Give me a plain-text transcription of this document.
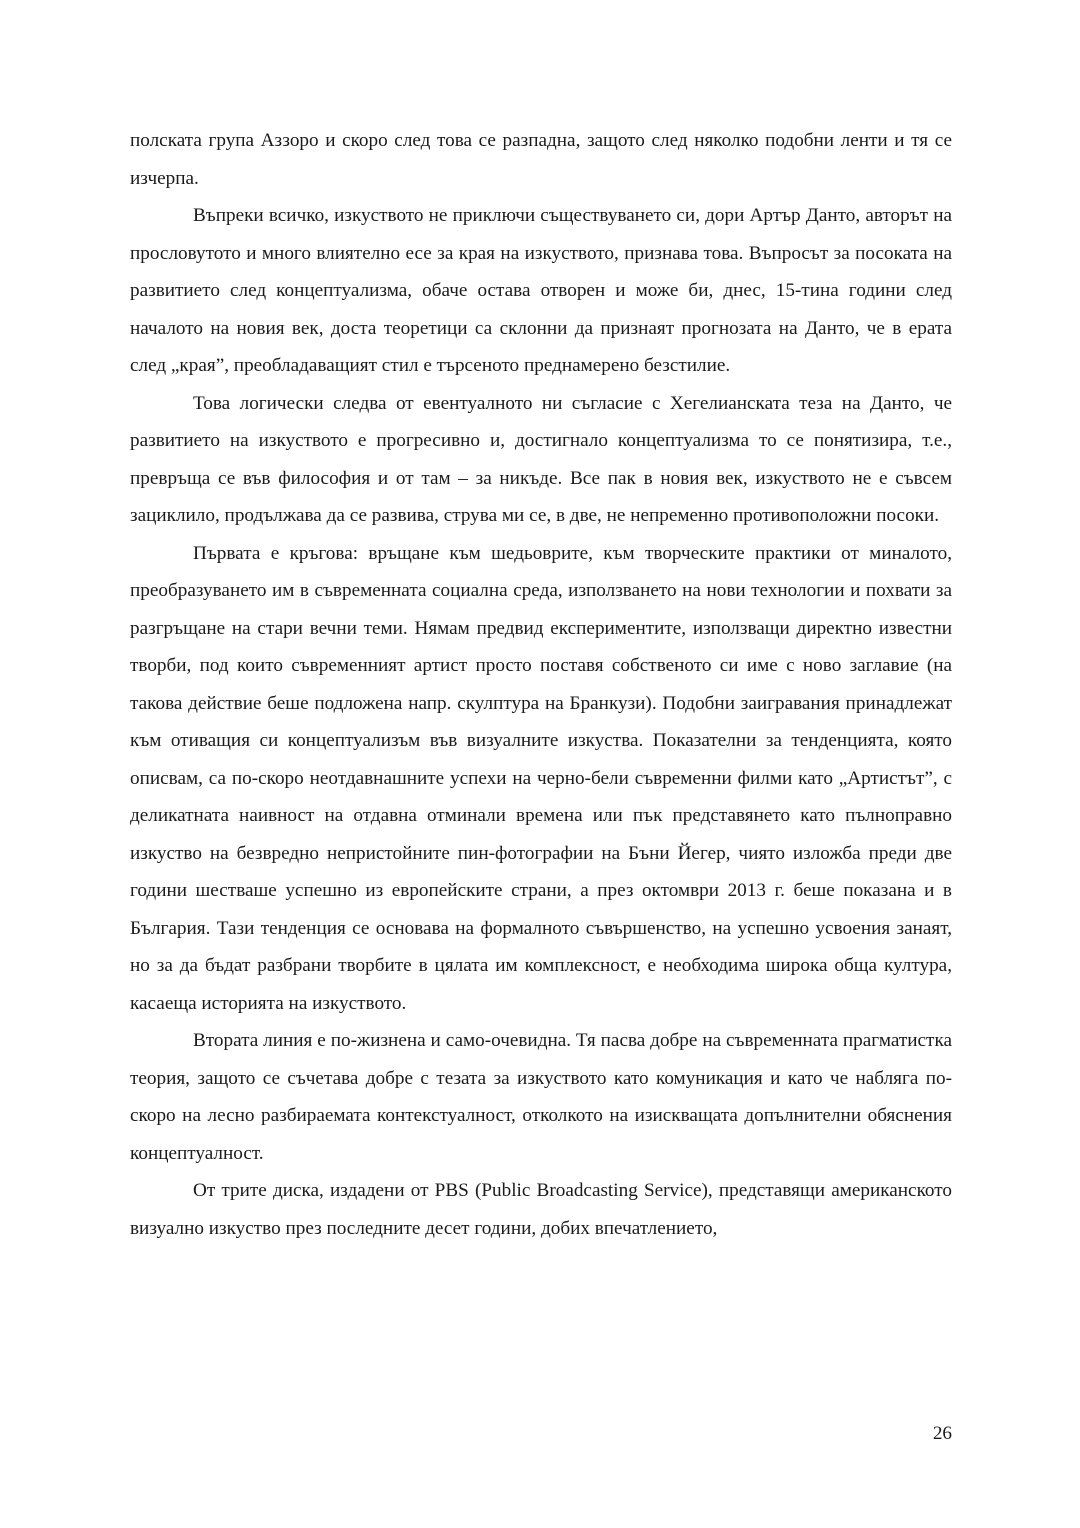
полската група Аззоро и скоро след това се разпадна, защото след няколко подобни ленти и тя се изчерпа.

Въпреки всичко, изкуството не приключи съществуването си, дори Артър Данто, авторът на прословутото и много влиятелно есе за края на изкуството, признава това. Въпросът за посоката на развитието след концептуализма, обаче остава отворен и може би, днес, 15-тина години след началото на новия век, доста теоретици са склонни да признаят прогнозата на Данто, че в ерата след „края”, преобладаващият стил е търсеното преднамерено безстилие.

Това логически следва от евентуалното ни съгласие с Хегелианската теза на Данто, че развитието на изкуството е прогресивно и, достигнало концептуализма то се понятизира, т.е., превръща се във философия и от там – за никъде. Все пак в новия век, изкуството не е съвсем зациклило, продължава да се развива, струва ми се, в две, не непременно противоположни посоки.

Първата е кръгова: връщане към шедьоврите, към творческите практики от миналото, преобразуването им в съвременната социална среда, използването на нови технологии и похвати за разгръщане на стари вечни теми. Нямам предвид експериментите, използващи директно известни творби, под които съвременният артист просто поставя собственото си име с ново заглавие (на такова действие беше подложена напр. скулптура на Бранкузи). Подобни заигравания принадлежат към отиващия си концептуализъм във визуалните изкуства. Показателни за тенденцията, която описвам, са по-скоро неотдавнашните успехи на черно-бели съвременни филми като „Артистът”, с деликатната наивност на отдавна отминали времена или пък представянето като пълноправно изкуство на безвредно непристойните пин-фотографии на Бъни Йегер, чиято изложба преди две години шестваше успешно из европейските страни, а през октомври 2013 г. беше показана и в България. Тази тенденция се основава на формалното съвършенство, на успешно усвоения занаят, но за да бъдат разбрани творбите в цялата им комплексност, е необходима широка обща култура, касаеща историята на изкуството.

Втората линия е по-жизнена и само-очевидна. Тя пасва добре на съвременната прагматистка теория, защото се съчетава добре с тезата за изкуството като комуникация и като че набляга по-скоро на лесно разбираемата контекстуалност, отколкото на изискващата допълнителни обяснения концептуалност.

От трите диска, издадени от PBS (Public Broadcasting Service), представящи американското визуално изкуство през последните десет години, добих впечатлението,

26
